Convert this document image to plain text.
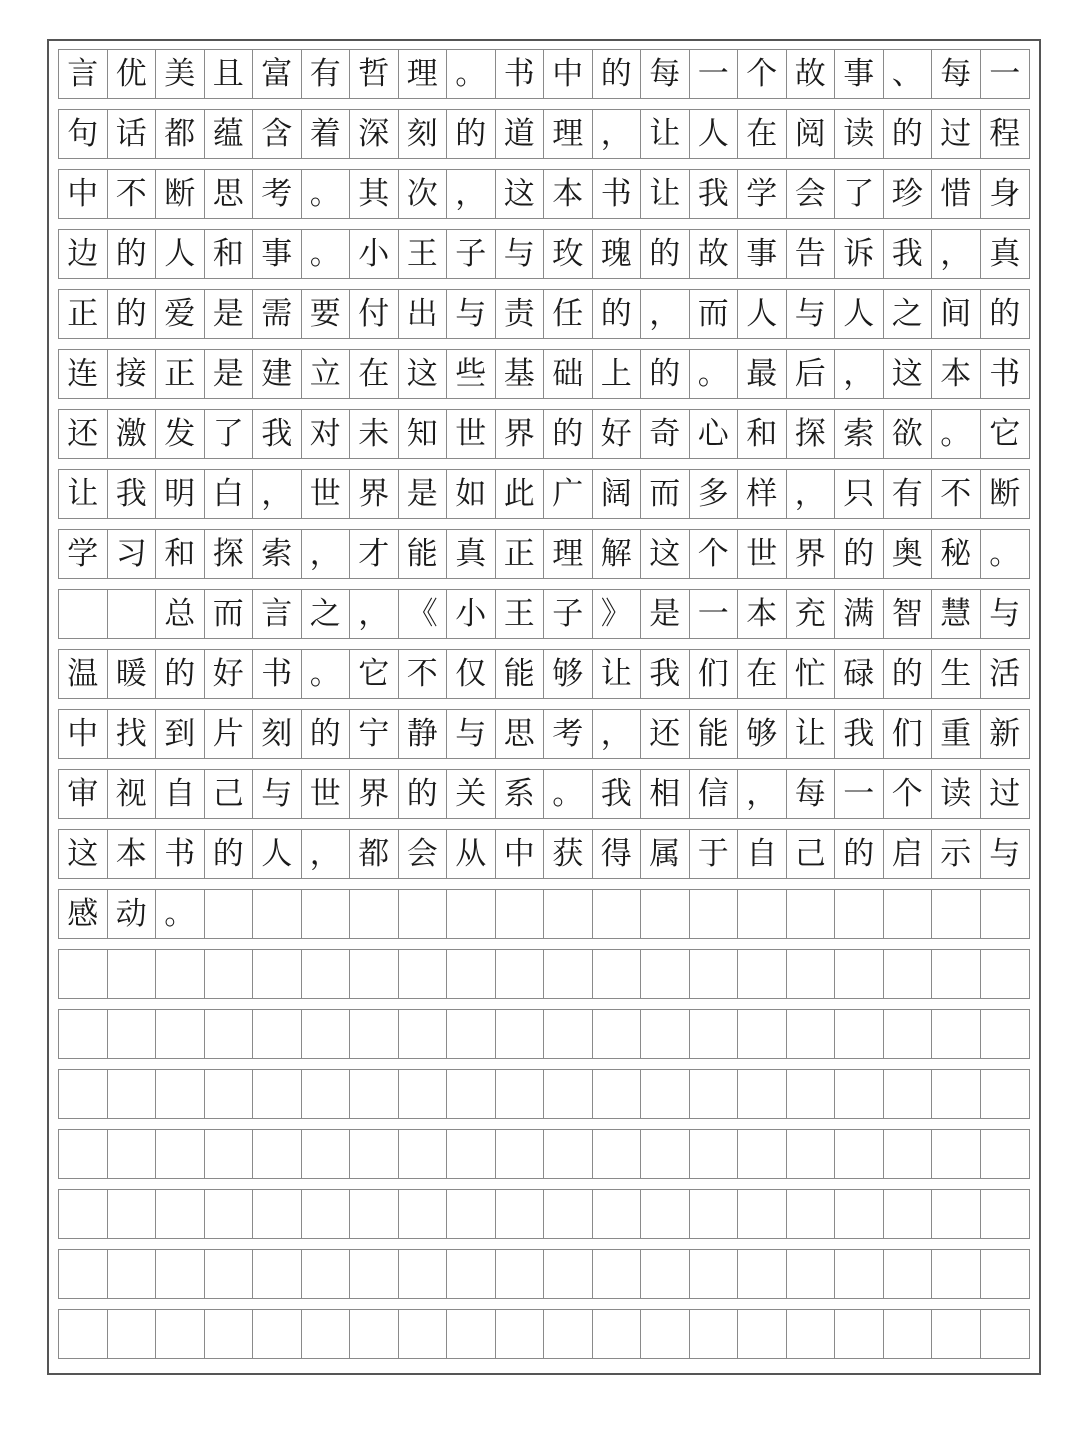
言 优 美 且 富 有 哲 理 。 书 中 的 每 一 个 故 事 、 每 一
句 话 都 蕴 含 着 深 刻 的 道 理 ， 让 人 在 阅 读 的 过 程
中 不 断 思 考 。 其 次 ， 这 本 书 让 我 学 会 了 珍 惜 身
边 的 人 和 事 。 小 王 子 与 玫 瑰 的 故 事 告 诉 我 ， 真
正 的 爱 是 需 要 付 出 与 责 任 的 ， 而 人 与 人 之 间 的
连 接 正 是 建 立 在 这 些 基 础 上 的 。 最 后 ， 这 本 书
还 激 发 了 我 对 未 知 世 界 的 好 奇 心 和 探 索 欲 。 它
让 我 明 白 ， 世 界 是 如 此 广 阔 而 多 样 ， 只 有 不 断
学 习 和 探 索 ， 才 能 真 正 理 解 这 个 世 界 的 奥 秘 。
总 而 言 之 ， 《 小 王 子 》 是 一 本 充 满 智 慧 与
温 暖 的 好 书 。 它 不 仅 能 够 让 我 们 在 忙 碌 的 生 活
中 找 到 片 刻 的 宁 静 与 思 考 ， 还 能 够 让 我 们 重 新
审 视 自 己 与 世 界 的 关 系 。 我 相 信 ， 每 一 个 读 过
这 本 书 的 人 ， 都 会 从 中 获 得 属 于 自 己 的 启 示 与
感 动 。
